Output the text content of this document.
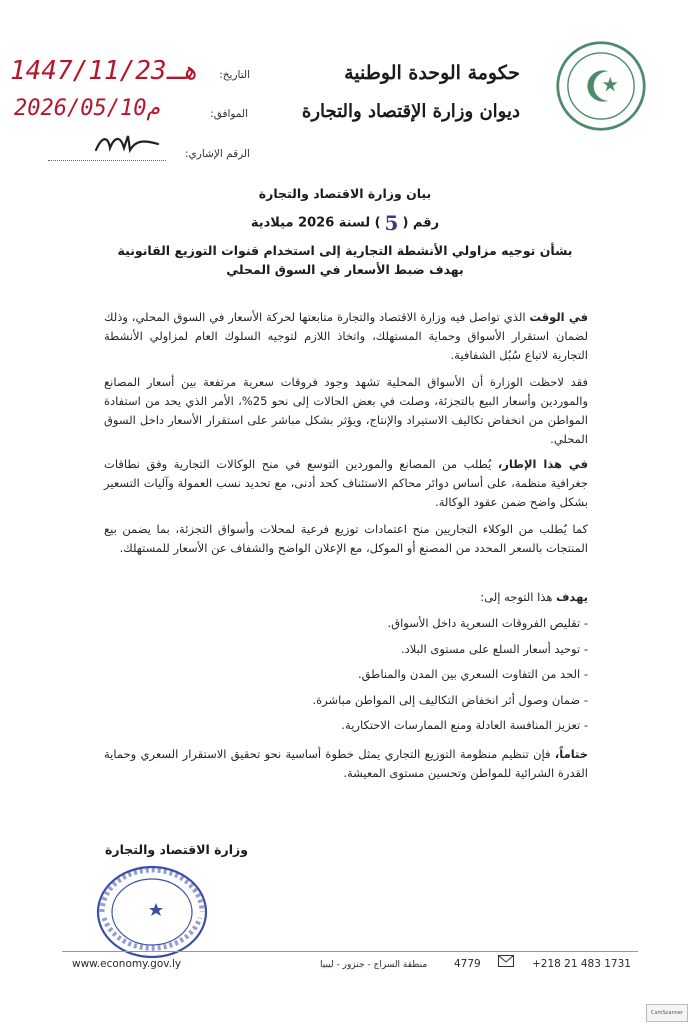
حكومة الوحدة الوطنية
ديوان وزارة الإقتصاد والتجارة
التاريخ:
1447/11/23هـ
الموافق:
2026/05/10م
الرقم الإشاري:
بيان وزارة الاقتصاد والتجارة
رقم (5) لسنة 2026 ميلادية
بشأن توجيه مزاولي الأنشطة التجارية إلى استخدام قنوات التوزيع القانونية بهدف ضبط الأسعار في السوق المحلي
في الوقت الذي تواصل فيه وزارة الاقتصاد والتجارة متابعتها لحركة الأسعار في السوق المحلي، وذلك لضمان استقرار الأسواق وحماية المستهلك، واتخاذ اللازم لتوجيه السلوك العام لمزاولي الأنشطة التجارية لاتباع سُبُل الشفافية.
فقد لاحظت الوزارة أن الأسواق المحلية تشهد وجود فروقات سعرية مرتفعة بين أسعار المصانع والموردين وأسعار البيع بالتجزئة، وصلت في بعض الحالات إلى نحو 25%، الأمر الذي يحد من استفادة المواطن من انخفاض تكاليف الاستيراد والإنتاج، ويؤثر بشكل مباشر على استقرار الأسعار داخل السوق المحلي.
في هذا الإطار، يُطلب من المصانع والموردين التوسع في منح الوكالات التجارية وفق نطاقات جغرافية منظمة، على أساس دوائر محاكم الاستئناف كحد أدنى، مع تحديد نسب العمولة وآليات التسعير بشكل واضح ضمن عقود الوكالة.
كما يُطلب من الوكلاء التجاريين منح اعتمادات توزيع فرعية لمحلات وأسواق التجزئة، بما يضمن بيع المنتجات بالسعر المحدد من المصنع أو الموكل، مع الإعلان الواضح والشفاف عن الأسعار للمستهلك.
يهدف هذا التوجه إلى:
- تقليص الفروقات السعرية داخل الأسواق.
- توحيد أسعار السلع على مستوى البلاد.
- الحد من التفاوت السعري بين المدن والمناطق.
- ضمان وصول أثر انخفاض التكاليف إلى المواطن مباشرة.
- تعزيز المنافسة العادلة ومنع الممارسات الاحتكارية.
ختاماً، فإن تنظيم منظومة التوزيع التجاري يمثل خطوة أساسية نحو تحقيق الاستقرار السعري وحماية القدرة الشرائية للمواطن وتحسين مستوى المعيشة.
وزارة الاقتصاد والتجارة
www.economy.gov.ly	منطقة السراج - جنزور - ليبيا	4779	+218 21 483 1731
CamScanner
